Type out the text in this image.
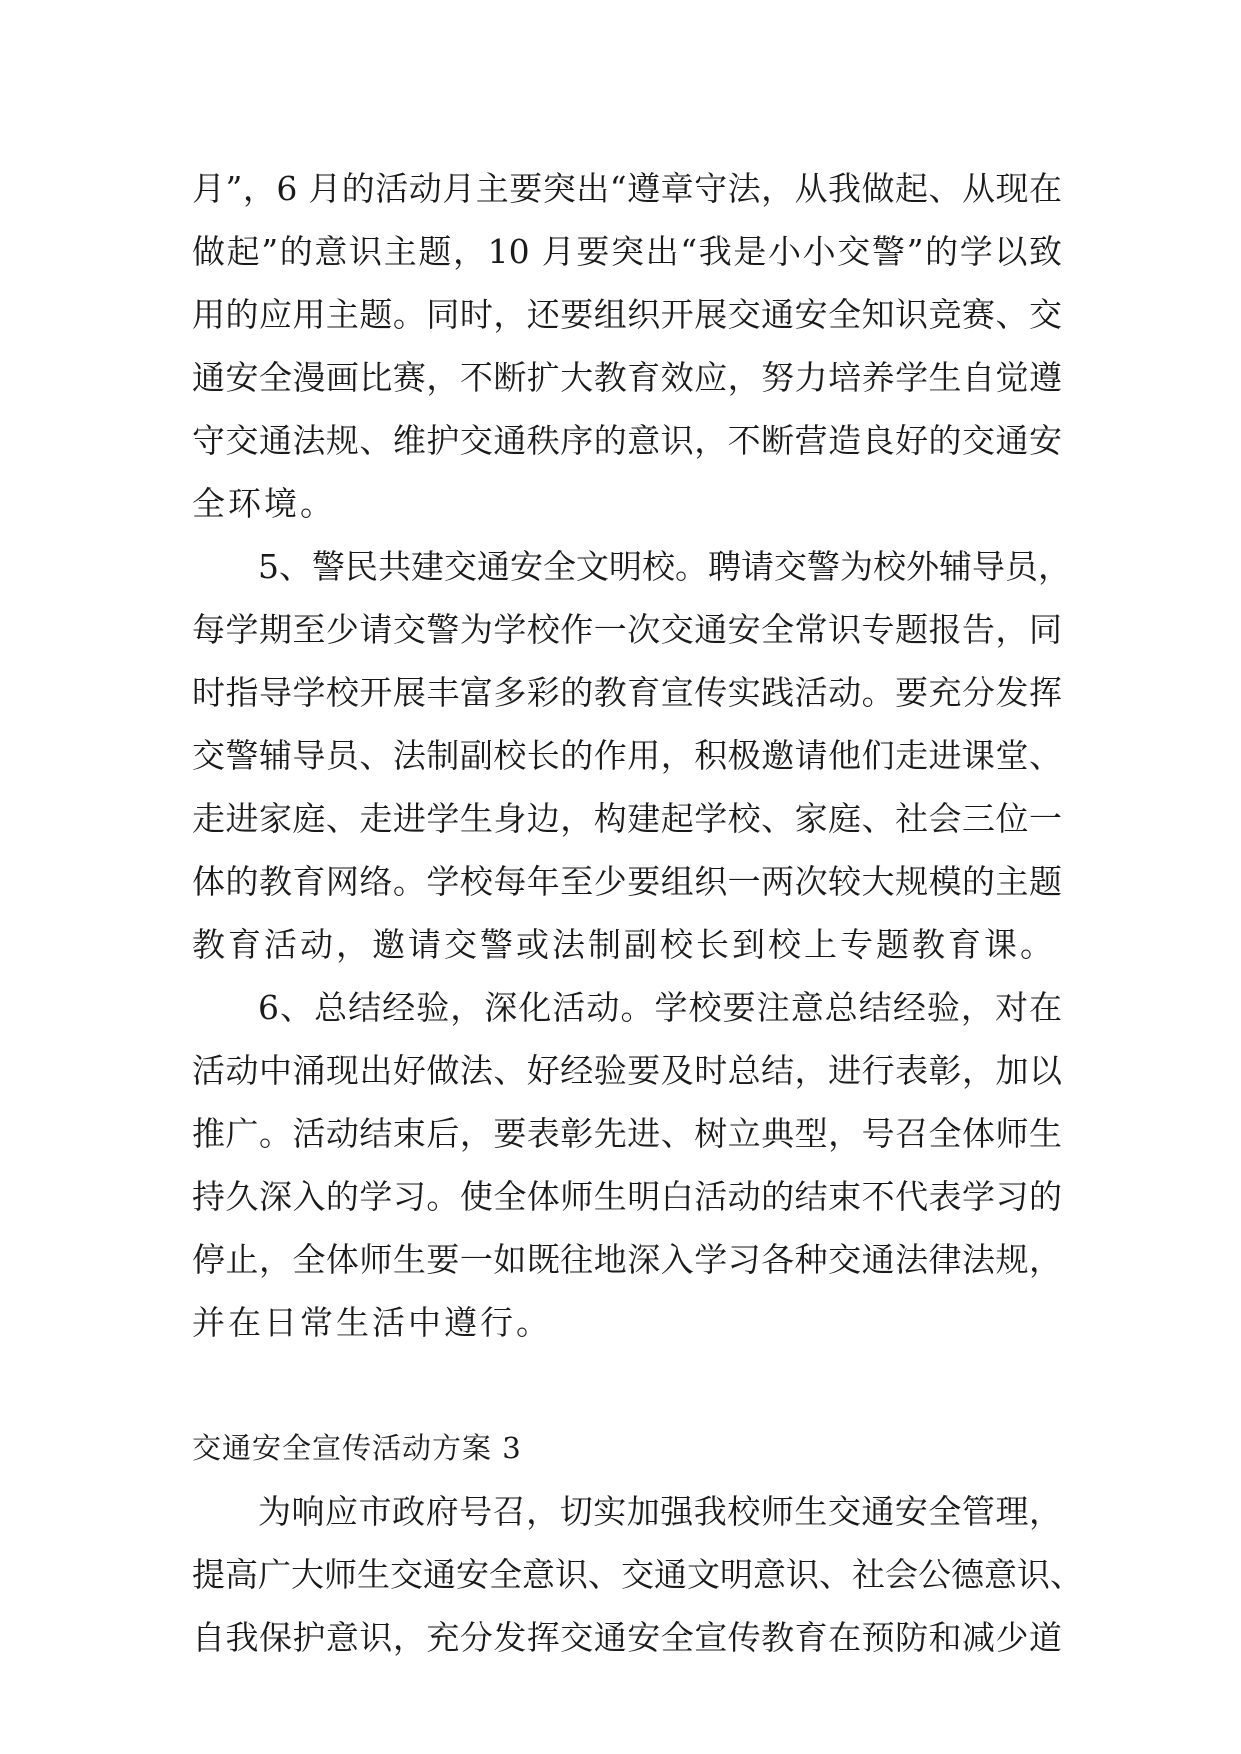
月”，6 月的活动月主要突出“遵章守法，从我做起、从现在
做起”的意识主题，10 月要突出“我是小小交警”的学以致
用的应用主题。同时，还要组织开展交通安全知识竞赛、交
通安全漫画比赛，不断扩大教育效应，努力培养学生自觉遵
守交通法规、维护交通秩序的意识，不断营造良好的交通安
全环境。
5、警民共建交通安全文明校。聘请交警为校外辅导员，
每学期至少请交警为学校作一次交通安全常识专题报告，同
时指导学校开展丰富多彩的教育宣传实践活动。要充分发挥
交警辅导员、法制副校长的作用，积极邀请他们走进课堂、
走进家庭、走进学生身边，构建起学校、家庭、社会三位一
体的教育网络。学校每年至少要组织一两次较大规模的主题
教育活动，邀请交警或法制副校长到校上专题教育课。
6、总结经验，深化活动。学校要注意总结经验，对在
活动中涌现出好做法、好经验要及时总结，进行表彰，加以
推广。活动结束后，要表彰先进、树立典型，号召全体师生
持久深入的学习。使全体师生明白活动的结束不代表学习的
停止，全体师生要一如既往地深入学习各种交通法律法规，
并在日常生活中遵行。
交通安全宣传活动方案 3
为响应市政府号召，切实加强我校师生交通安全管理，
提高广大师生交通安全意识、交通文明意识、社会公德意识、
自我保护意识，充分发挥交通安全宣传教育在预防和减少道
